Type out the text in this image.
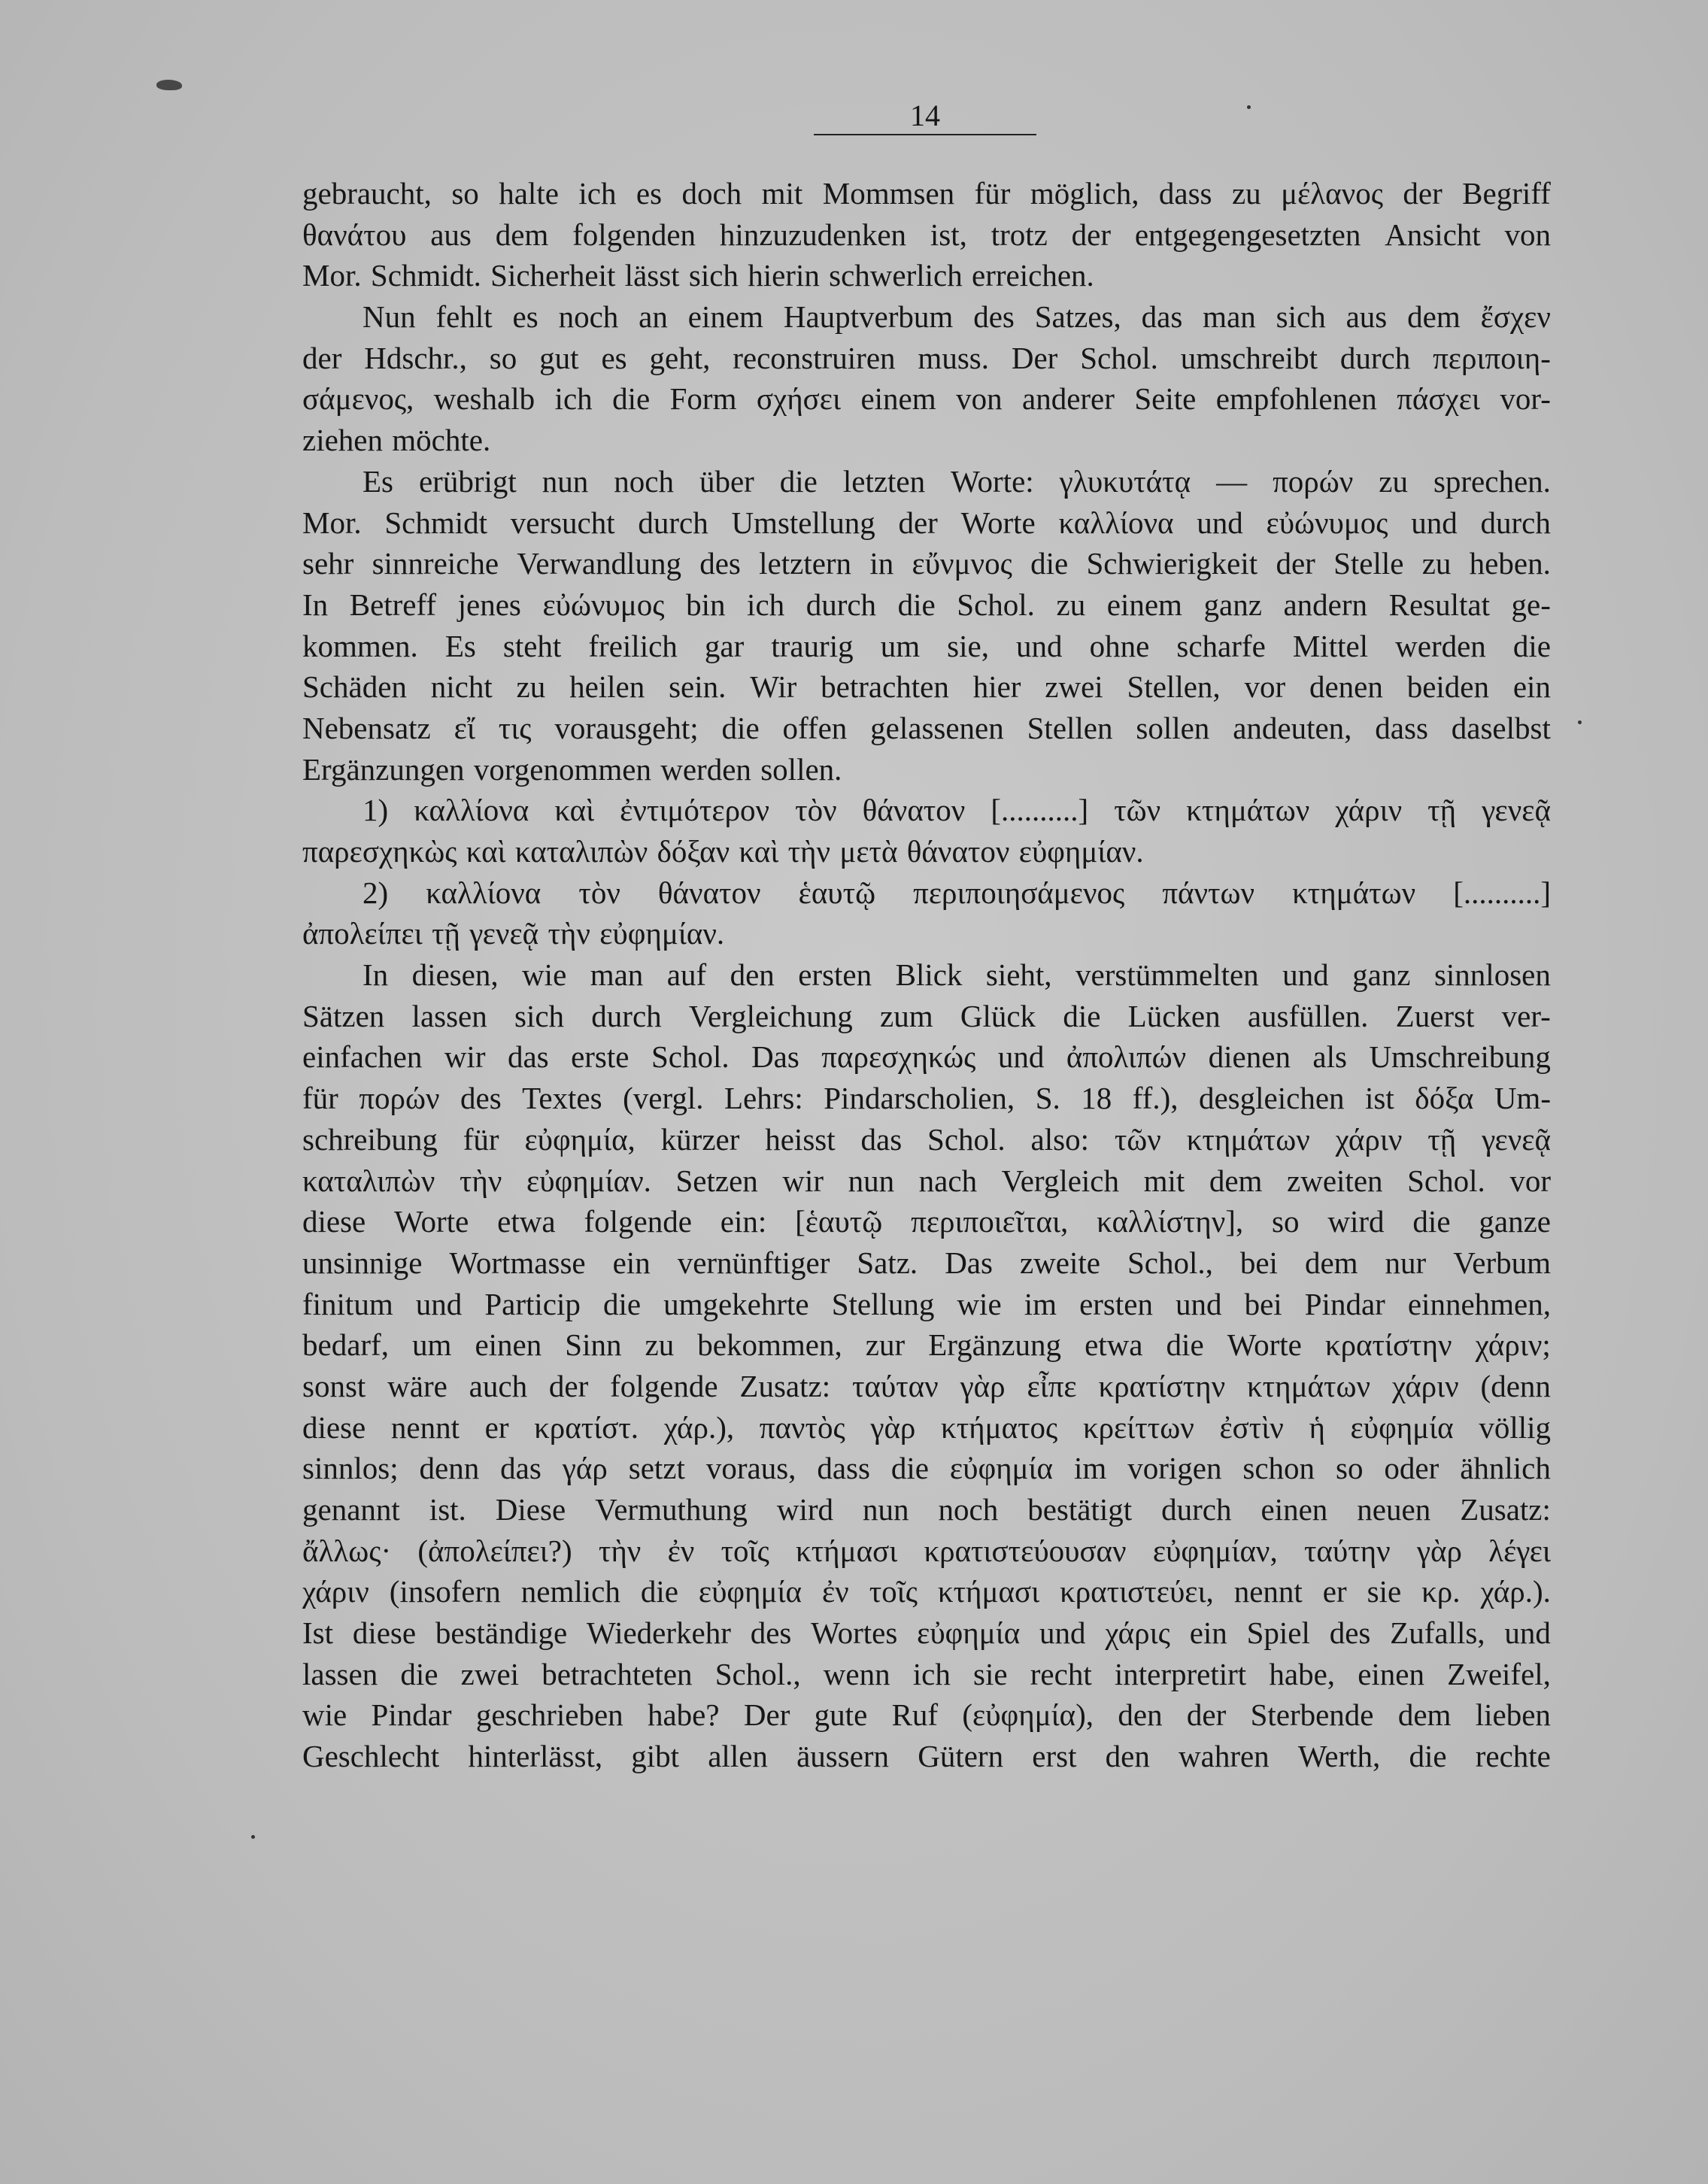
14
gebraucht, so halte ich es doch mit Mommsen für möglich, dass zu μέλανος der Begriff
θανάτου aus dem folgenden hinzuzudenken ist, trotz der entgegengesetzten Ansicht von
Mor. Schmidt. Sicherheit lässt sich hierin schwerlich erreichen.
Nun fehlt es noch an einem Hauptverbum des Satzes, das man sich aus dem ἔσχεν
der Hdschr., so gut es geht, reconstruiren muss. Der Schol. umschreibt durch περιποιη-
σάμενος, weshalb ich die Form σχήσει einem von anderer Seite empfohlenen πάσχει vor-
ziehen möchte.
Es erübrigt nun noch über die letzten Worte: γλυκυτάτᾳ — πορών zu sprechen.
Mor. Schmidt versucht durch Umstellung der Worte καλλίονα und εὐώνυμος und durch
sehr sinnreiche Verwandlung des letztern in εὔνμνος die Schwierigkeit der Stelle zu heben.
In Betreff jenes εὐώνυμος bin ich durch die Schol. zu einem ganz andern Resultat ge-
kommen. Es steht freilich gar traurig um sie, und ohne scharfe Mittel werden die
Schäden nicht zu heilen sein. Wir betrachten hier zwei Stellen, vor denen beiden ein
Nebensatz εἴ τις vorausgeht; die offen gelassenen Stellen sollen andeuten, dass daselbst
Ergänzungen vorgenommen werden sollen.
1) καλλίονα καὶ ἐντιμότερον τὸν θάνατον [..........] τῶν κτημάτων χάριν τῇ γενεᾷ
παρεσχηκὼς καὶ καταλιπὼν δόξαν καὶ τὴν μετὰ θάνατον εὐφημίαν.
2) καλλίονα τὸν θάνατον ἑαυτῷ περιποιησάμενος πάντων κτημάτων [..........]
ἀπολείπει τῇ γενεᾷ τὴν εὐφημίαν.
In diesen, wie man auf den ersten Blick sieht, verstümmelten und ganz sinnlosen
Sätzen lassen sich durch Vergleichung zum Glück die Lücken ausfüllen. Zuerst ver-
einfachen wir das erste Schol. Das παρεσχηκώς und ἀπολιπών dienen als Umschreibung
für πορών des Textes (vergl. Lehrs: Pindarscholien, S. 18 ff.), desgleichen ist δόξα Um-
schreibung für εὐφημία, kürzer heisst das Schol. also: τῶν κτημάτων χάριν τῇ γενεᾷ
καταλιπὼν τὴν εὐφημίαν. Setzen wir nun nach Vergleich mit dem zweiten Schol. vor
diese Worte etwa folgende ein: [ἑαυτῷ περιποιεῖται, καλλίστην], so wird die ganze
unsinnige Wortmasse ein vernünftiger Satz. Das zweite Schol., bei dem nur Verbum
finitum und Particip die umgekehrte Stellung wie im ersten und bei Pindar einnehmen,
bedarf, um einen Sinn zu bekommen, zur Ergänzung etwa die Worte κρατίστην χάριν;
sonst wäre auch der folgende Zusatz: ταύταν γὰρ εἶπε κρατίστην κτημάτων χάριν (denn
diese nennt er κρατίστ. χάρ.), παντὸς γὰρ κτήματος κρείττων ἐστὶν ἡ εὐφημία völlig
sinnlos; denn das γάρ setzt voraus, dass die εὐφημία im vorigen schon so oder ähnlich
genannt ist. Diese Vermuthung wird nun noch bestätigt durch einen neuen Zusatz:
ἄλλως· (ἀπολείπει?) τὴν ἐν τοῖς κτήμασι κρατιστεύουσαν εὐφημίαν, ταύτην γὰρ λέγει
χάριν (insofern nemlich die εὐφημία ἐν τοῖς κτήμασι κρατιστεύει, nennt er sie κρ. χάρ.).
Ist diese beständige Wiederkehr des Wortes εὐφημία und χάρις ein Spiel des Zufalls, und
lassen die zwei betrachteten Schol., wenn ich sie recht interpretirt habe, einen Zweifel,
wie Pindar geschrieben habe? Der gute Ruf (εὐφημία), den der Sterbende dem lieben
Geschlecht hinterlässt, gibt allen äussern Gütern erst den wahren Werth, die rechte
